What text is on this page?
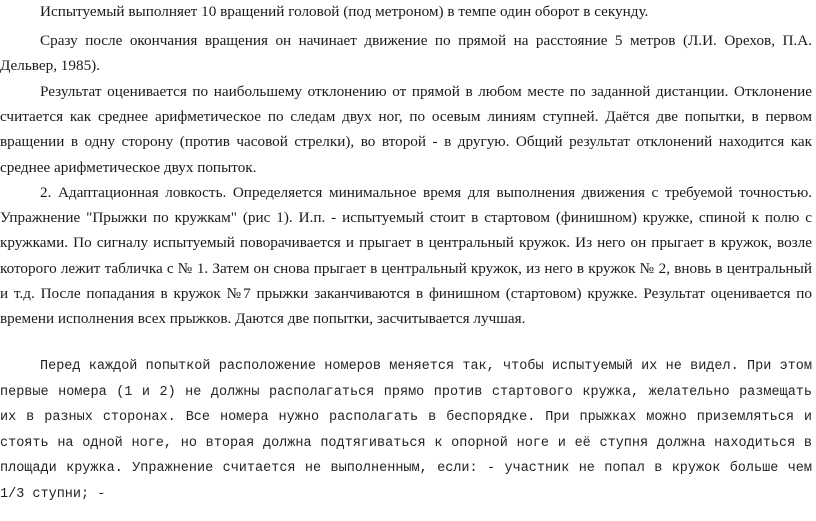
Испытуемый выполняет 10 вращений головой (под метроном) в темпе один оборот в секунду.

Сразу после окончания вращения он начинает движение по прямой на расстояние 5 метров (Л.И. Орехов, П.А. Дельвер, 1985).

Результат оценивается по наибольшему отклонению от прямой в любом месте по заданной дистанции. Отклонение считается как среднее арифметическое по следам двух ног, по осевым линиям ступней. Даётся две попытки, в первом вращении в одну сторону (против часовой стрелки), во второй - в другую. Общий результат отклонений находится как среднее арифметическое двух попыток.

2. Адаптационная ловкость. Определяется минимальное время для выполнения движения с требуемой точностью. Упражнение "Прыжки по кружкам" (рис 1). И.п. - испытуемый стоит в стартовом (финишном) кружке, спиной к полю с кружками. По сигналу испытуемый поворачивается и прыгает в центральный кружок. Из него он прыгает в кружок, возле которого лежит табличка с № 1. Затем он снова прыгает в центральный кружок, из него в кружок № 2, вновь в центральный и т.д. После попадания в кружок №7 прыжки заканчиваются в финишном (стартовом) кружке. Результат оценивается по времени исполнения всех прыжков. Даются две попытки, засчитывается лучшая.

Перед каждой попыткой расположение номеров меняется так, чтобы испытуемый их не видел. При этом первые номера (1 и 2) не должны располагаться прямо против стартового кружка, желательно размещать их в разных сторонах. Все номера нужно располагать в беспорядке. При прыжках можно приземляться и стоять на одной ноге, но вторая должна подтягиваться к опорной ноге и её ступня должна находиться в площади кружка. Упражнение считается не выполненным, если: - участник не попал в кружок больше чем 1/3 ступни; -
